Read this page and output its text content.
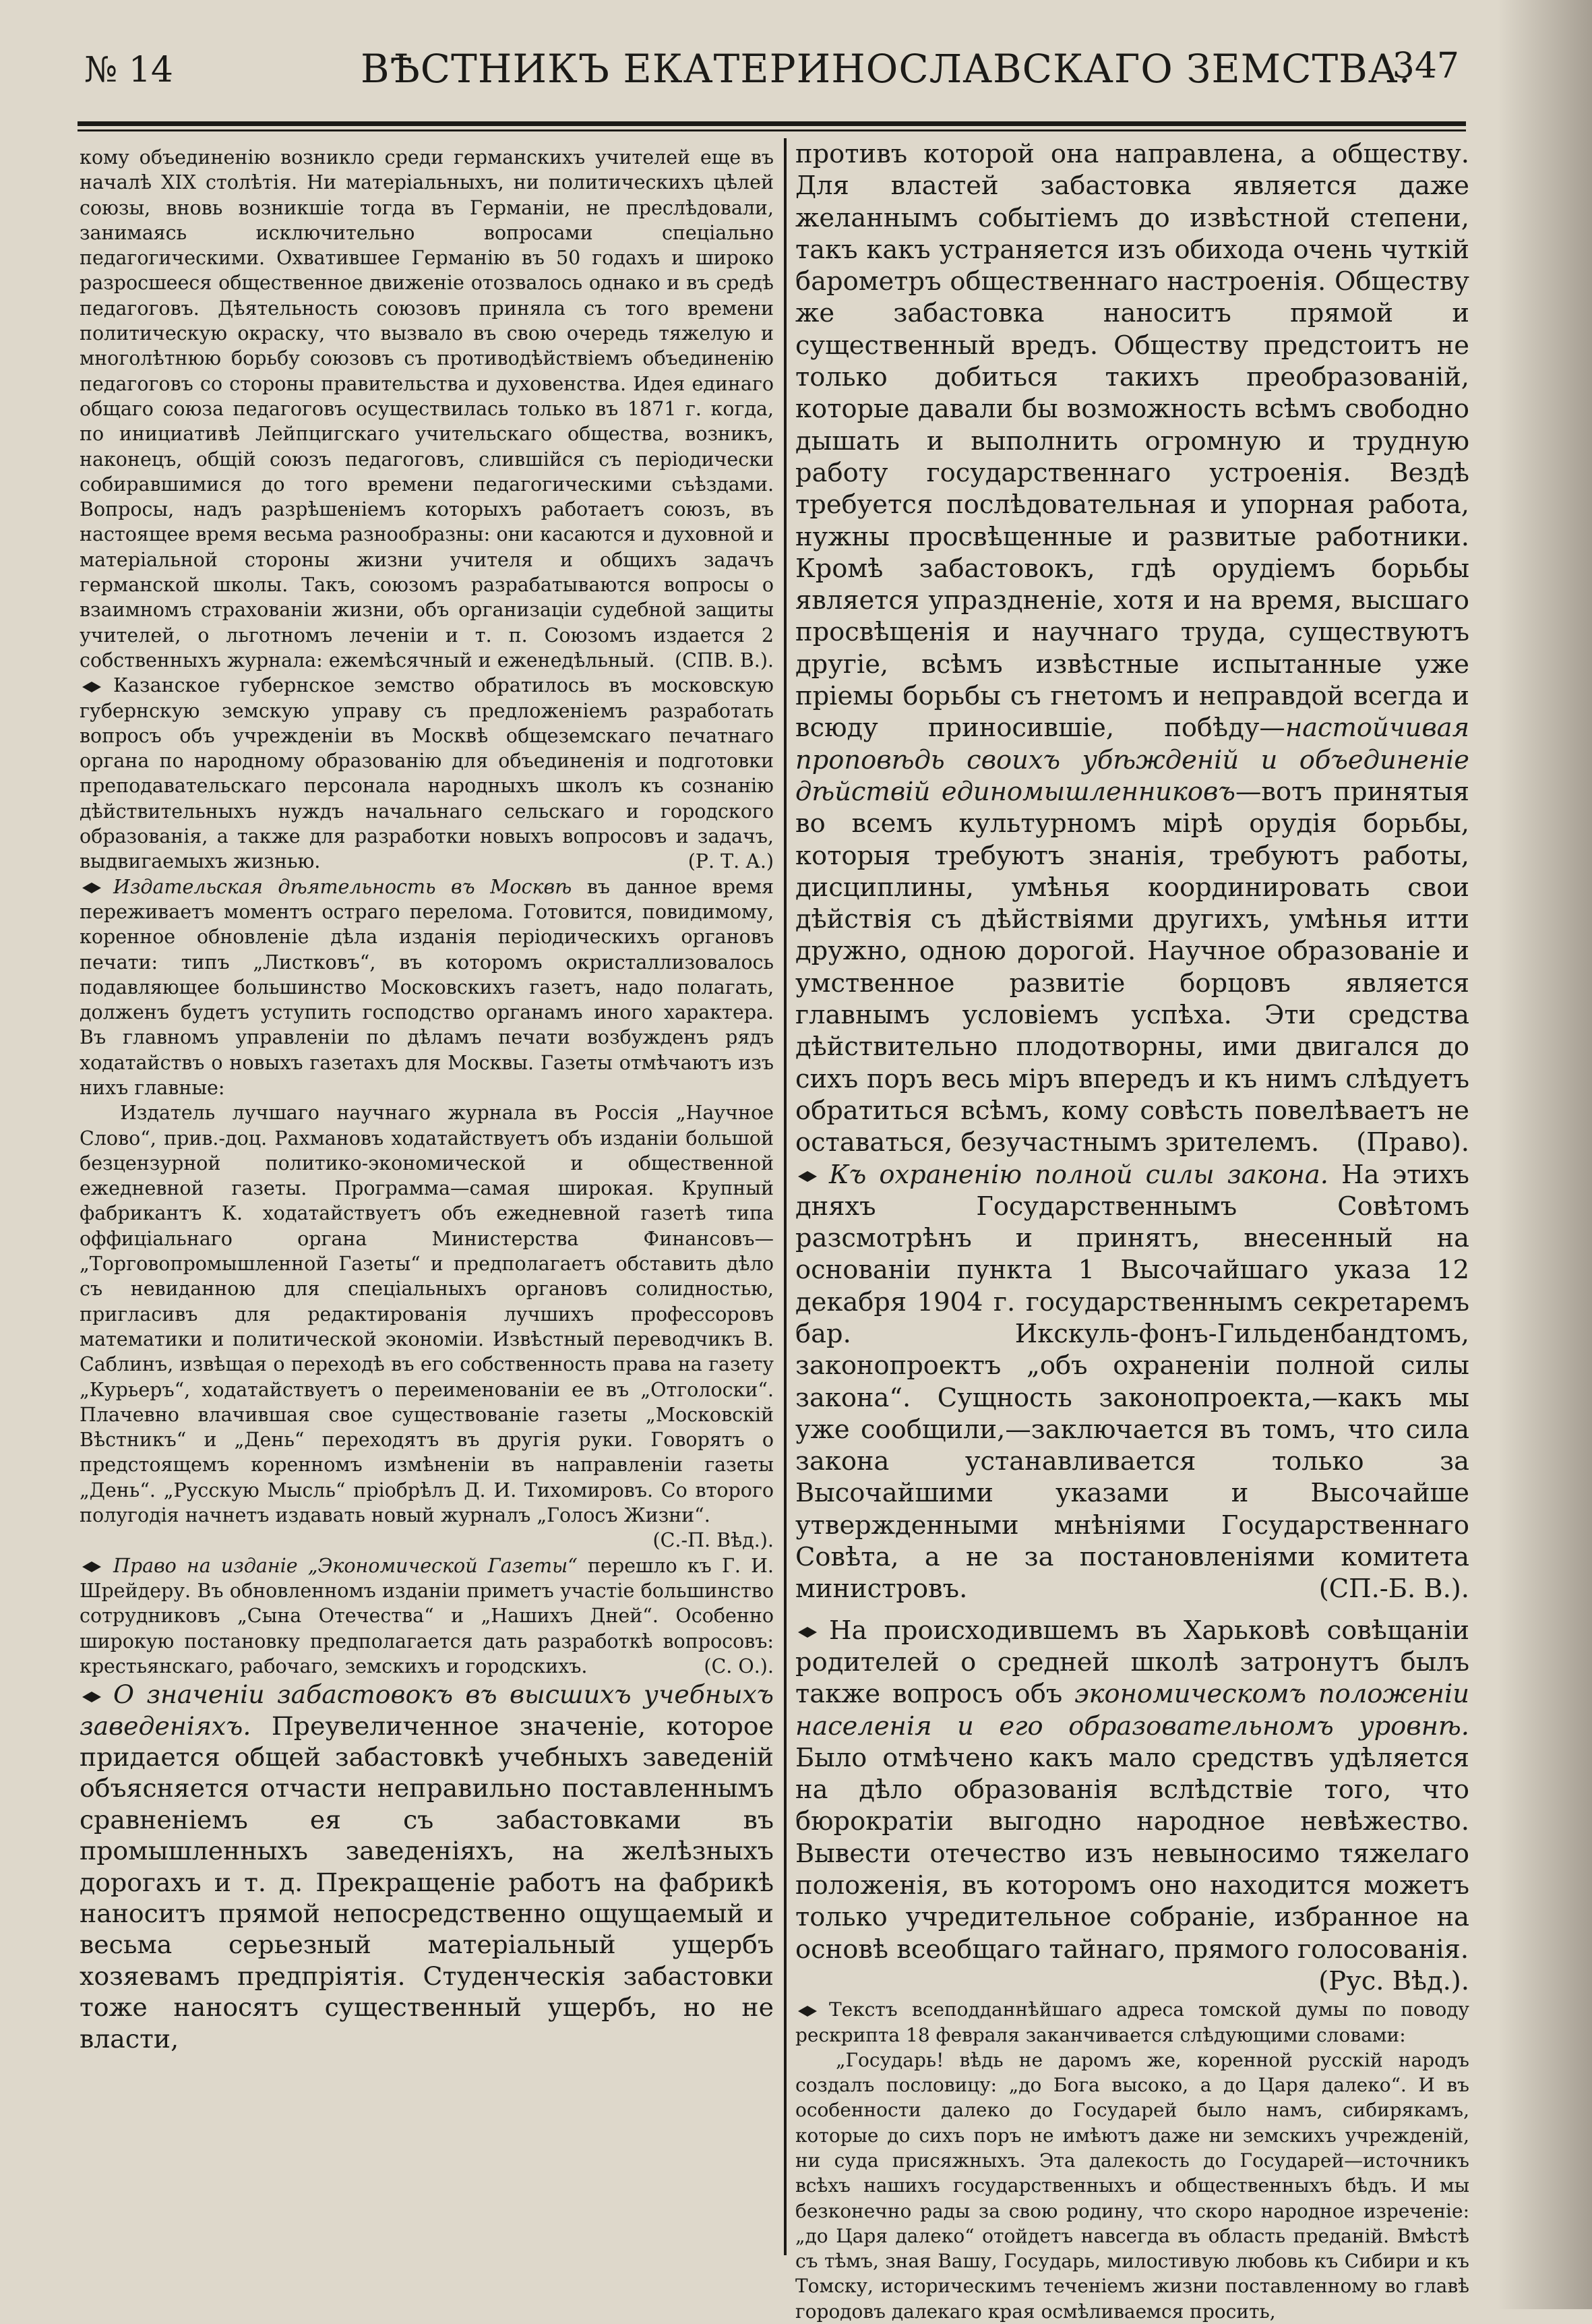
№ 14	ВѢСТНИКЪ ЕКАТЕРИНОСЛАВСКАГО ЗЕМСТВА.
347

кому объединенію возникло среди германскихъ учителей еще въ началѣ XIX столѣтія. Ни матеріальныхъ, ни политическихъ цѣлей союзы, вновь возникшіе тогда въ Германіи, не преслѣдовали, занимаясь исключительно вопросами спеціально педагогическими. Охватившее Германію въ 50 годахъ и широко разросшееся общественное движеніе отозвалось однако и въ средѣ педагоговъ. Дѣятельность союзовъ приняла съ того времени политическую окраску, что вызвало въ свою очередь тяжелую и многолѣтнюю борьбу союзовъ съ противодѣйствіемъ объединенію педагоговъ со стороны правительства и духовенства. Идея единаго общаго союза педагоговъ осуществилась только въ 1871 г. когда, по инициативѣ Лейпцигскаго учительскаго общества, возникъ, наконецъ, общій союзъ педагоговъ, слившійся съ періодически собиравшимися до того времени педагогическими съѣздами. Вопросы, надъ разрѣшеніемъ которыхъ работаетъ союзъ, въ настоящее время весьма разнообразны: они касаются и духовной и матеріальной стороны жизни учителя и общихъ задачъ германской школы. Такъ, союзомъ разрабатываются вопросы о взаимномъ страхованіи жизни, объ организаціи судебной защиты учителей, о льготномъ леченіи и т. п. Союзомъ издается 2 собственныхъ журнала: ежемѣсячный и еженедѣльный. (СПВ. В.).

Казанское губернское земство обратилось въ московскую губернскую земскую управу съ предложеніемъ разработать вопросъ объ учрежденіи въ Москвѣ общеземскаго печатнаго органа по народному образованію для объединенія и подготовки преподавательскаго персонала народныхъ школъ къ сознанію дѣйствительныхъ нуждъ начальнаго сельскаго и городского образованія, а также для разработки новыхъ вопросовъ и задачъ, выдвигаемыхъ жизнью.	(Р. Т. А.)

Издательская дѣятельность въ Москвѣ въ данное время переживаетъ моментъ остраго перелома. Готовится, повидимому, коренное обновленіе дѣла изданія періодическихъ органовъ печати: типъ „Листковъ“, въ которомъ окристаллизовалось подавляющее большинство Московскихъ газетъ, надо полагать, долженъ будетъ уступить господство органамъ иного характера. Въ главномъ управленіи по дѣламъ печати возбужденъ рядъ ходатайствъ о новыхъ газетахъ для Москвы. Газеты отмѣчаютъ изъ нихъ главные:

Издатель лучшаго научнаго журнала въ Россія „Научное Слово“, прив.-доц. Рахмановъ ходатайствуетъ объ изданіи большой безцензурной политико-экономической и общественной ежедневной газеты. Программа—самая широкая. Крупный фабрикантъ К. ходатайствуетъ объ ежедневной газетѣ типа оффиціальнаго органа Министерства Финансовъ—„Торговопромышленной Газеты“ и предполагаетъ обставить дѣло съ невиданною для спеціальныхъ органовъ солидностью, пригласивъ для редактированія лучшихъ профессоровъ математики и политической экономіи. Извѣстный переводчикъ В. Саблинъ, извѣщая о переходѣ въ его собственность права на газету „Курьеръ“, ходатайствуетъ о переименованіи ее въ „Отголоски“. Плачевно влачившая свое существованіе газеты „Московскій Вѣстникъ“ и „День“ переходятъ въ другія руки. Говорятъ о предстоящемъ коренномъ измѣненіи въ направленіи газеты „День“. „Русскую Мысль“ пріобрѣлъ Д. И. Тихомировъ. Со второго полугодія начнетъ издавать новый журналъ „Голосъ Жизни“.
(С.-П. Вѣд.).

Право на изданіе „Экономической Газеты“ перешло къ Г. И. Шрейдеру. Въ обновленномъ изданіи приметъ участіе большинство сотрудниковъ „Сына Отечества“ и „Нашихъ Дней“. Особенно широкую постановку предполагается дать разработкѣ вопросовъ: крестьянскаго, рабочаго, земскихъ и городскихъ.	(С. О.).

О значеніи забастовокъ въ высшихъ учебныхъ заведеніяхъ. Преувеличенное значеніе, которое придается общей забастовкѣ учебныхъ заведеній объясняется отчасти неправильно поставленнымъ сравненіемъ ея съ забастовками въ промышленныхъ заведеніяхъ, на желѣзныхъ дорогахъ и т. д. Прекращеніе работъ на фабрикѣ наноситъ прямой непосредственно ощущаемый и весьма серьезный матеріальный ущербъ хозяевамъ предпріятія. Студенческія забастовки тоже наносятъ существенный ущербъ, но не власти,

противъ которой она направлена, а обществу. Для властей забастовка является даже желаннымъ событіемъ до извѣстной степени, такъ какъ устраняется изъ обихода очень чуткій барометръ общественнаго настроенія. Обществу же забастовка наноситъ прямой и существенный вредъ. Обществу предстоитъ не только добиться такихъ преобразованій, которые давали бы возможность всѣмъ свободно дышать и выполнить огромную и трудную работу государственнаго устроенія. Вездѣ требуется послѣдовательная и упорная работа, нужны просвѣщенные и развитые работники. Кромѣ забастовокъ, гдѣ орудіемъ борьбы является упраздненіе, хотя и на время, высшаго просвѣщенія и научнаго труда, существуютъ другіе, всѣмъ извѣстные испытанные уже пріемы борьбы съ гнетомъ и неправдой всегда и всюду приносившіе, побѣду—настойчивая проповѣдь своихъ убѣжденій и объединеніе дѣйствій единомышленниковъ—вотъ принятыя во всемъ культурномъ мірѣ орудія борьбы, которыя требуютъ знанія, требуютъ работы, дисциплины, умѣнья координировать свои дѣйствія съ дѣйствіями другихъ, умѣнья итти дружно, одною дорогой. Научное образованіе и умственное развитіе борцовъ является главнымъ условіемъ успѣха. Эти средства дѣйствительно плодотворны, ими двигался до сихъ поръ весь міръ впередъ и къ нимъ слѣдуетъ обратиться всѣмъ, кому совѣсть повелѣваетъ не оставаться, безучастнымъ зрителемъ. (Право).

Къ охраненію полной силы закона. На этихъ дняхъ Государственнымъ Совѣтомъ разсмотрѣнъ и принятъ, внесенный на основаніи пункта 1 Высочайшаго указа 12 декабря 1904 г. государственнымъ секретаремъ бар. Икскуль-фонъ-Гильденбандтомъ, законопроектъ „объ охраненіи полной силы закона“. Сущность законопроекта,—какъ мы уже сообщили,—заключается въ томъ, что сила закона устанавливается только за Высочайшими указами и Высочайше утвержденными мнѣніями Государственнаго Совѣта, а не за постановленіями комитета министровъ.	(СП.-Б. В.).

На происходившемъ въ Харьковѣ совѣщаніи родителей о средней школѣ затронутъ былъ также вопросъ объ экономическомъ положеніи населенія и его образовательномъ уровнѣ. Было отмѣчено какъ мало средствъ удѣляется на дѣло образованія вслѣдствіе того, что бюрократіи выгодно народное невѣжество. Вывести отечество изъ невыносимо тяжелаго положенія, въ которомъ оно находится можетъ только учредительное собраніе, избранное на основѣ всеобщаго тайнаго, прямого голосованія.
(Рус. Вѣд.).

Текстъ всеподданнѣйшаго адреса томской думы по поводу рескрипта 18 февраля заканчивается слѣдующими словами:

„Государь! вѣдь не даромъ же, коренной русскій народъ создалъ пословицу: „до Бога высоко, а до Царя далеко“. И въ особенности далеко до Государей было намъ, сибирякамъ, которые до сихъ поръ не имѣютъ даже ни земскихъ учрежденій, ни суда присяжныхъ. Эта далекость до Государей—источникъ всѣхъ нашихъ государственныхъ и общественныхъ бѣдъ. И мы безконечно рады за свою родину, что скоро народное изреченіе: „до Царя далеко“ отойдетъ навсегда въ область преданій. Вмѣстѣ съ тѣмъ, зная Вашу, Государь, милостивую любовь къ Сибири и къ Томску, историческимъ теченіемъ жизни поставленному во главѣ городовъ далекаго края осмѣливаемся просить,
